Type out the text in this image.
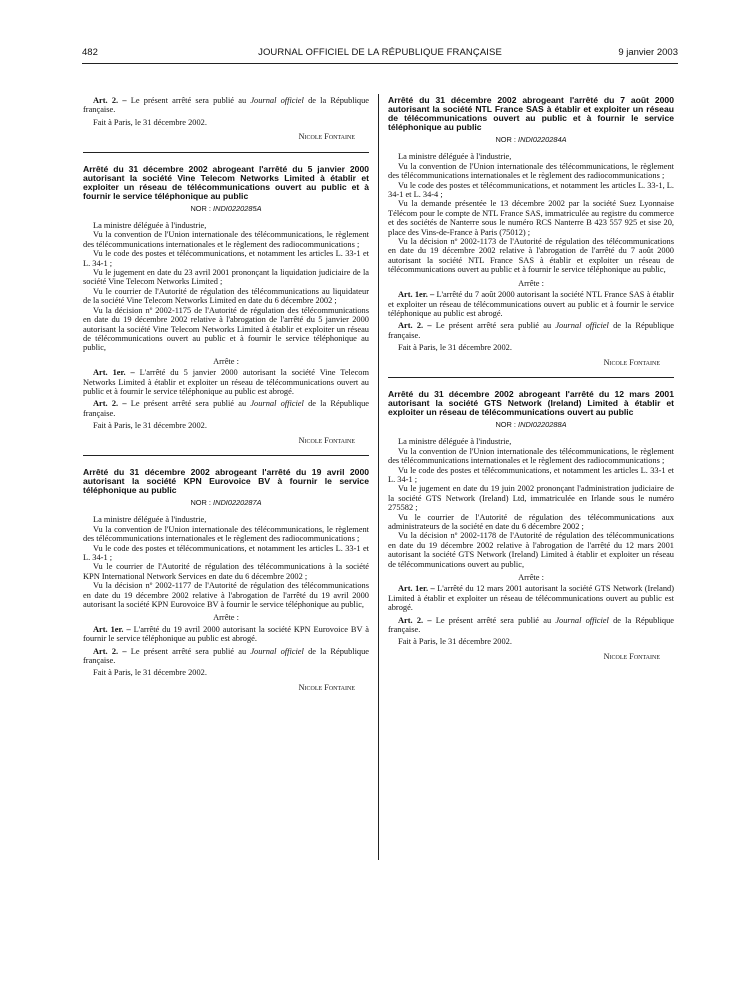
482	JOURNAL OFFICIEL DE LA RÉPUBLIQUE FRANÇAISE	9 janvier 2003

Art. 2. – Le présent arrêté sera publié au Journal officiel de la République française.

Fait à Paris, le 31 décembre 2002.

Nicole Fontaine

Arrêté du 31 décembre 2002 abrogeant l'arrêté du 5 janvier 2000 autorisant la société Vine Telecom Networks Limited à établir et exploiter un réseau de télécommunications ouvert au public et à fournir le service téléphonique au public

NOR : INDI0220285A

La ministre déléguée à l'industrie,

Vu la convention de l'Union internationale des télécommunications, le règlement des télécommunications internationales et le règlement des radiocommunications ;

Vu le code des postes et télécommunications, et notamment les articles L. 33-1 et L. 34-1 ;

Vu le jugement en date du 23 avril 2001 prononçant la liquidation judiciaire de la société Vine Telecom Networks Limited ;

Vu le courrier de l'Autorité de régulation des télécommunications au liquidateur de la société Vine Telecom Networks Limited en date du 6 décembre 2002 ;

Vu la décision nº 2002-1175 de l'Autorité de régulation des télécommunications en date du 19 décembre 2002 relative à l'abrogation de l'arrêté du 5 janvier 2000 autorisant la société Vine Telecom Networks Limited à établir et exploiter un réseau de télécommunications ouvert au public et à fournir le service téléphonique au public,

Arrête :

Art. 1er. – L'arrêté du 5 janvier 2000 autorisant la société Vine Telecom Networks Limited à établir et exploiter un réseau de télécommunications ouvert au public et à fournir le service téléphonique au public est abrogé.

Art. 2. – Le présent arrêté sera publié au Journal officiel de la République française.

Fait à Paris, le 31 décembre 2002.

Nicole Fontaine

Arrêté du 31 décembre 2002 abrogeant l'arrêté du 19 avril 2000 autorisant la société KPN Eurovoice BV à fournir le service téléphonique au public

NOR : INDI0220287A

La ministre déléguée à l'industrie,

Vu la convention de l'Union internationale des télécommunications, le règlement des télécommunications internationales et le règlement des radiocommunications ;

Vu le code des postes et télécommunications, et notamment les articles L. 33-1 et L. 34-1 ;

Vu le courrier de l'Autorité de régulation des télécommunications à la société KPN International Network Services en date du 6 décembre 2002 ;

Vu la décision nº 2002-1177 de l'Autorité de régulation des télécommunications en date du 19 décembre 2002 relative à l'abrogation de l'arrêté du 19 avril 2000 autorisant la société KPN Eurovoice BV à fournir le service téléphonique au public,

Arrête :

Art. 1er. – L'arrêté du 19 avril 2000 autorisant la société KPN Eurovoice BV à fournir le service téléphonique au public est abrogé.

Art. 2. – Le présent arrêté sera publié au Journal officiel de la République française.

Fait à Paris, le 31 décembre 2002.

Nicole Fontaine

Arrêté du 31 décembre 2002 abrogeant l'arrêté du 7 août 2000 autorisant la société NTL France SAS à établir et exploiter un réseau de télécommunications ouvert au public et à fournir le service téléphonique au public

NOR : INDI0220284A

La ministre déléguée à l'industrie,

Vu la convention de l'Union internationale des télécommunications, le règlement des télécommunications internationales et le règlement des radiocommunications ;

Vu le code des postes et télécommunications, et notamment les articles L. 33-1, L. 34-1 et L. 34-4 ;

Vu la demande présentée le 13 décembre 2002 par la société Suez Lyonnaise Télécom pour le compte de NTL France SAS, immatriculée au registre du commerce et des sociétés de Nanterre sous le numéro RCS Nanterre B 423 557 925 et sise 20, place des Vins-de-France à Paris (75012) ;

Vu la décision nº 2002-1173 de l'Autorité de régulation des télécommunications en date du 19 décembre 2002 relative à l'abrogation de l'arrêté du 7 août 2000 autorisant la société NTL France SAS à établir et exploiter un réseau de télécommunications ouvert au public et à fournir le service téléphonique au public,

Arrête :

Art. 1er. – L'arrêté du 7 août 2000 autorisant la société NTL France SAS à établir et exploiter un réseau de télécommunications ouvert au public et à fournir le service téléphonique au public est abrogé.

Art. 2. – Le présent arrêté sera publié au Journal officiel de la République française.

Fait à Paris, le 31 décembre 2002.

Nicole Fontaine

Arrêté du 31 décembre 2002 abrogeant l'arrêté du 12 mars 2001 autorisant la société GTS Network (Ireland) Limited à établir et exploiter un réseau de télécommunications ouvert au public

NOR : INDI0220288A

La ministre déléguée à l'industrie,

Vu la convention de l'Union internationale des télécommunications, le règlement des télécommunications internationales et le règlement des radiocommunications ;

Vu le code des postes et télécommunications, et notamment les articles L. 33-1 et L. 34-1 ;

Vu le jugement en date du 19 juin 2002 prononçant l'administration judiciaire de la société GTS Network (Ireland) Ltd, immatriculée en Irlande sous le numéro 275582 ;

Vu le courrier de l'Autorité de régulation des télécommunications aux administrateurs de la société en date du 6 décembre 2002 ;

Vu la décision nº 2002-1178 de l'Autorité de régulation des télécommunications en date du 19 décembre 2002 relative à l'abrogation de l'arrêté du 12 mars 2001 autorisant la société GTS Network (Ireland) Limited à établir et exploiter un réseau de télécommunications ouvert au public,

Arrête :

Art. 1er. – L'arrêté du 12 mars 2001 autorisant la société GTS Network (Ireland) Limited à établir et exploiter un réseau de télécommunications ouvert au public est abrogé.

Art. 2. – Le présent arrêté sera publié au Journal officiel de la République française.

Fait à Paris, le 31 décembre 2002.

Nicole Fontaine
